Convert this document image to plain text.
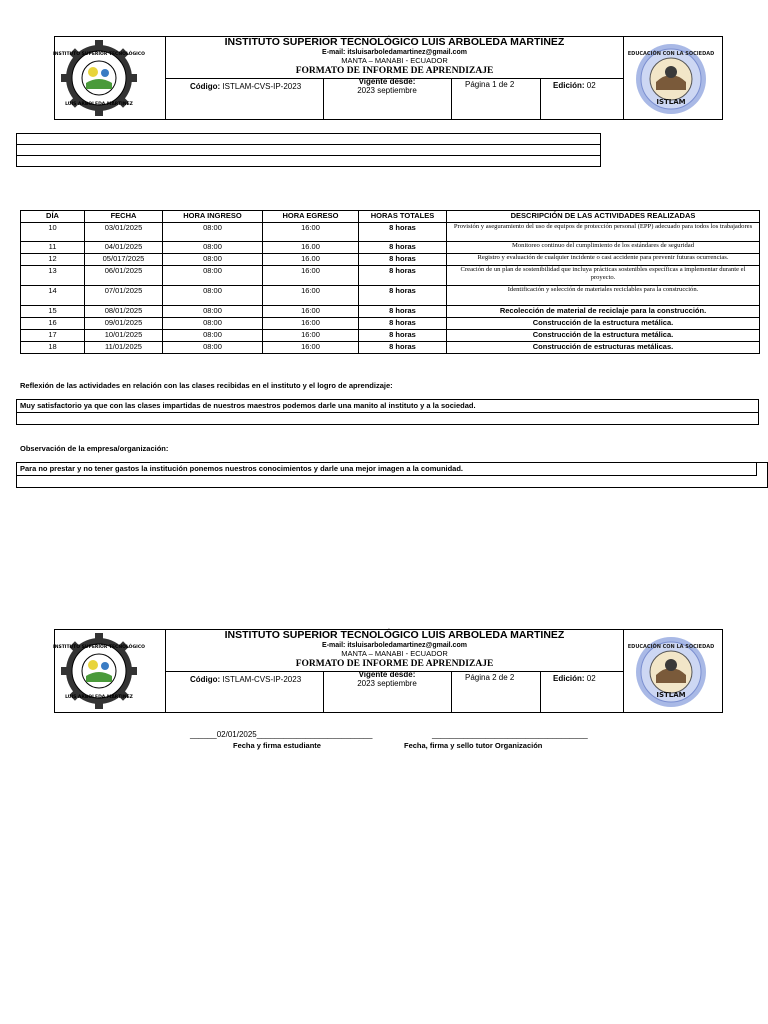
INSTITUTO SUPERIOR TECNOLÓGICO
LUIS ARBOLEDA MARTINEZ
INSTITUTO SUPERIOR TECNOLÓGICO LUIS ARBOLEDA MARTINEZ
E-mail: itsluisarboledamartinez@gmail.com
MANTA – MANABI - ECUADOR
FORMATO DE INFORME DE APRENDIZAJE
Código: ISTLAM-CVS-IP-2023
Vigente desde:
2023 septiembre
Página 1 de 2	Edición: 02
EDUCACIÓN CON LA SOCIEDAD
ISTLAM
DÍA	FECHA	HORA INGRESO	HORA EGRESO	HORAS TOTALES	DESCRIPCIÓN DE LAS ACTIVIDADES REALIZADAS
10	03/01/2025	08:00	16:00	8 horas	Provisión y aseguramiento del uso de equipos de protección personal (EPP) adecuado para todos los trabajadores
11	04/01/2025	08:00	16.00	8 horas	Monitoreo continuo del cumplimiento de los estándares de seguridad
12	05/017/2025	08:00	16.00	8 horas	Registro y evaluación de cualquier incidente o casi accidente para prevenir futuras ocurrencias.
13	06/01/2025	08:00	16:00	8 horas	Creación de un plan de sostenibilidad que incluya prácticas sostenibles específicas a implementar durante el proyecto.
14	07/01/2025	08:00	16:00	8 horas	Identificación y selección de materiales reciclables para la construcción.
15	08/01/2025	08:00	16:00	8 horas	Recolección de material de reciclaje para la construcción.
16	09/01/2025	08:00	16:00	8 horas	Construcción de la estructura metálica.
17	10/01/2025	08:00	16:00	8 horas	Construcción de la estructura metálica.
18	11/01/2025	08:00	16:00	8 horas	Construcción de estructuras metálicas.
Reflexión de las actividades en relación con las clases recibidas en el instituto y el logro de aprendizaje:
Muy satisfactorio ya que con las clases impartidas de nuestros maestros podemos darle una manito al instituto y a la sociedad.
Observación de la empresa/organización:
Para no prestar y no tener gastos la institución ponemos nuestros conocimientos y darle una mejor imagen a la comunidad.
INSTITUTO SUPERIOR TECNOLÓGICO
LUIS ARBOLEDA MARTINEZ
INSTITUTO SUPERIOR TECNOLÓGICO LUIS ARBOLEDA MARTINEZ
E-mail: itsluisarboledamartinez@gmail.com
MANTA – MANABI - ECUADOR
FORMATO DE INFORME DE APRENDIZAJE
Código: ISTLAM-CVS-IP-2023
Vigente desde:
2023 septiembre
Página 2 de 2	Edición: 02
EDUCACIÓN CON LA SOCIEDAD
ISTLAM
______02/01/2025__________________________	___________________________________
Fecha y firma estudiante	Fecha, firma y sello tutor Organización
